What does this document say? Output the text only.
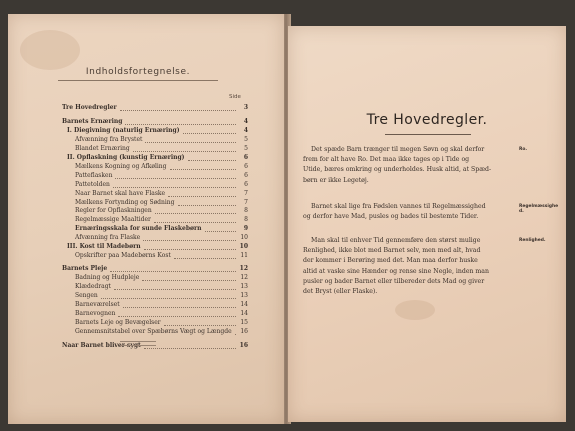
Indholdsfortegnelse.
Side
Tre Hovedregler	3
Barnets Ernæring	4
I. Diegivning (naturlig Ernæring)	4
Afvænning fra Brystet	5
Blandet Ernæring	5
II. Opflaskning (kunstig Ernæring)	6
Mælkens Kogning og Afkøling	6
Patteflasken	6
Pattetolden	6
Naar Barnet skal have Flaske	7
Mælkens Fortynding og Sødning	7
Regler for Opflaskningen	8
Regelmæssige Maaltider	8
Ernæringsskala for sunde Flaskebørn	9
Afvænning fra Flaske	10
III. Kost til Madebørn	10
Opskrifter paa Madebørns Kost	11
Barnets Pleje	12
Badning og Hudpleje	12
Klædedragt	13
Sengen	13
Barneværelset	14
Barnevognen	14
Barnets Leje og Bevægelser	15
Gennemsnitstabel over Spæbørns Vægt og Længde 16
Naar Barnet bliver sygt	16
Tre Hovedregler.
Det spæde Barn trænger til megen Søvn og skal derfor
frem for alt have Ro. Det maa ikke tages op i Tide og
Utide, bæres omkring og underholdes. Husk altid, at Spæd-
børn er ikke Legetøj.
Ro.
Barnet skal lige fra Fødslen vannes til Regelmæssighed
og derfor have Mad, pusles og bades til bestemte Tider.
Regelmæssighed.
Man skal til enhver Tid gennemføre den størst mulige
Renlighed, ikke blot med Barnet selv, men med alt, hvad
der kommer i Berøring med det. Man maa derfor huske
altid at vaske sine Hænder og rense sine Negle, inden man
pusler og bader Barnet eller tilbereder dets Mad og giver
det Bryst (eller Flaske).
Renlighed.
